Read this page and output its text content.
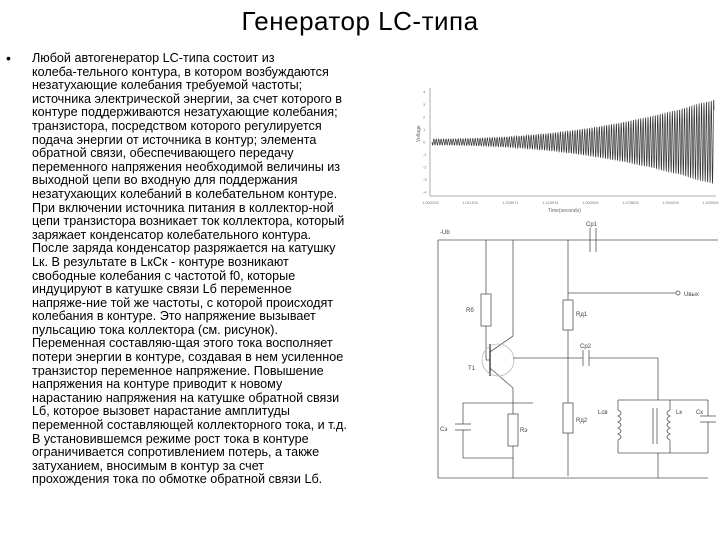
Генератор LC-типа
• Любой автогенератор LC-типа состоит из
колеба-тельного контура, в котором возбуждаются
незатухающие колебания требуемой частоты;
источника электрической энергии, за счет которого в
контуре поддерживаются незатухающие колебания;
транзистора, посредством которого регулируется
подача энергии от источника в контур; элемента
обратной связи, обеспечивающего передачу
переменного напряжения необходимой величины из
выходной цепи во входную для поддержания
незатухающих колебаний в колебательном контуре.
При включении источника питания в коллектор-ной
цепи транзистора возникает ток коллектора, который
заряжает конденсатор колебательного контура.
После заряда конденсатор разряжается на катушку
Lк. В результате в LкCк - контуре возникают
свободные колебания с частотой f0, которые
индуцируют в катушке связи Lб переменное
напряже-ние той же частоты, с которой происходят
колебания в контуре. Это напряжение вызывает
пульсацию тока коллектора (см. рисунок).
Переменная составляю-щая этого тока восполняет
потери энергии в контуре, создавая в нем усиленное
транзистор переменное напряжение. Повышение
напряжения на контуре приводит к новому
нарастанию напряжения на катушке обратной связи
Lб, которое вызовет нарастание амплитуды
переменной составляющей коллекторного тока, и т.д.
В установившемся режиме рост тока в контуре
ограничивается сопротивлением потерь, а также
затуханием, вносимым в контур за счет
прохождения тока по обмотке обратной связи Lб.
4
3
2
1
0
-1
-2
-3
-4
1.000200	1.011511	1.228071	1.143931	1.000000	1.075625	1.094009	1.100000
Voltage
Time(seconds)
-Ub
Cp1
Uвых
Rб
Rд1
Cp2
T1
Cэ	Rэ
Rд2
Lсв	Lк Cк
